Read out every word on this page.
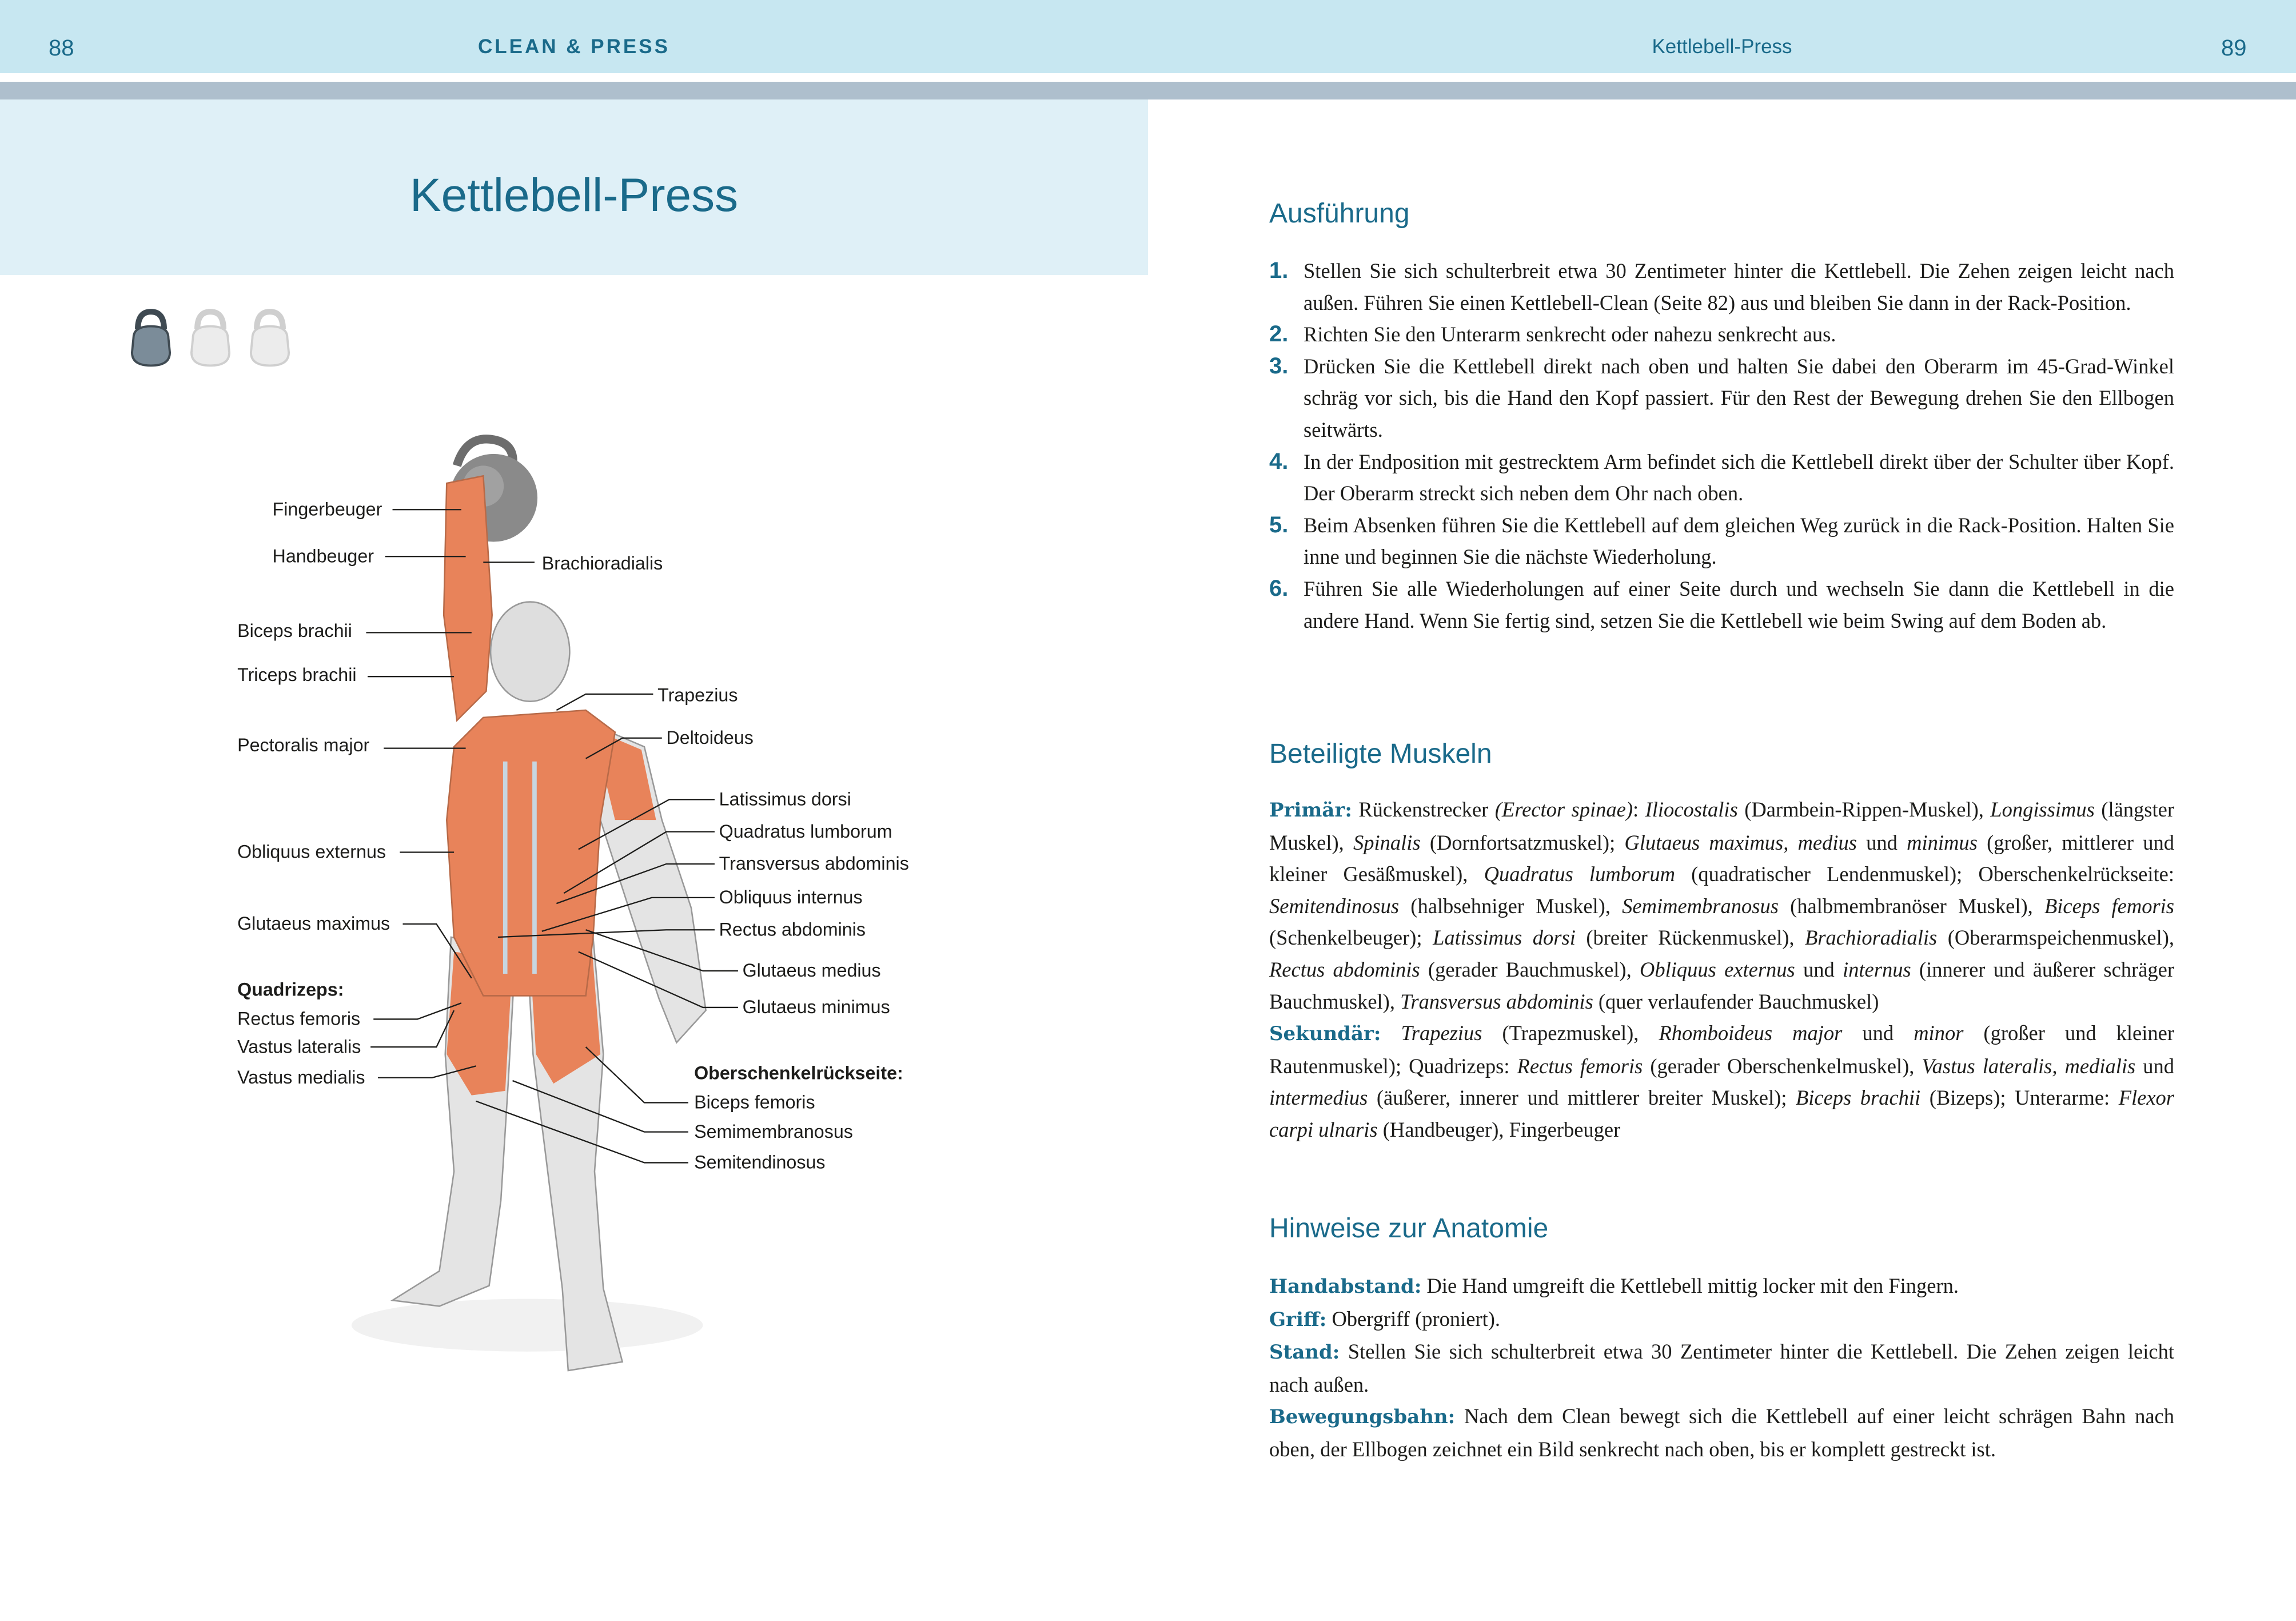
88	CLEAN & PRESS	Kettlebell-Press	89
Kettlebell-Press
Fingerbeuger
Handbeuger
Biceps brachii
Triceps brachii
Pectoralis major
Obliquus externus
Glutaeus maximus
Quadrizeps:
Rectus femoris
Vastus lateralis
Vastus medialis
Brachioradialis
Trapezius
Deltoideus
Latissimus dorsi
Quadratus lumborum
Transversus abdominis
Obliquus internus
Rectus abdominis
Glutaeus medius
Glutaeus minimus
Oberschenkelrückseite:
Biceps femoris
Semimembranosus
Semitendinosus
Ausführung
1. Stellen Sie sich schulterbreit etwa 30 Zentimeter hinter die Kettlebell. Die Zehen zeigen leicht nach außen. Führen Sie einen Kettlebell-Clean (Seite 82) aus und bleiben Sie dann in der Rack-Position.
2. Richten Sie den Unterarm senkrecht oder nahezu senkrecht aus.
3. Drücken Sie die Kettlebell direkt nach oben und halten Sie dabei den Oberarm im 45-Grad-Winkel schräg vor sich, bis die Hand den Kopf passiert. Für den Rest der Bewegung drehen Sie den Ellbogen seitwärts.
4. In der Endposition mit gestrecktem Arm befindet sich die Kettlebell direkt über der Schulter über Kopf. Der Oberarm streckt sich neben dem Ohr nach oben.
5. Beim Absenken führen Sie die Kettlebell auf dem gleichen Weg zurück in die Rack-Position. Halten Sie inne und beginnen Sie die nächste Wiederholung.
6. Führen Sie alle Wiederholungen auf einer Seite durch und wechseln Sie dann die Kettlebell in die andere Hand. Wenn Sie fertig sind, setzen Sie die Kettlebell wie beim Swing auf dem Boden ab.
Beteiligte Muskeln

Primär: Rückenstrecker (Erector spinae): Iliocostalis (Darmbein-Rippen-Muskel), Longissimus (längster Muskel), Spinalis (Dornfortsatzmuskel); Glutaeus maximus, medius und minimus (großer, mittlerer und kleiner Gesäßmuskel), Quadratus lumborum (quadratischer Lendenmuskel); Oberschenkelrückseite: Semitendinosus (halbsehniger Muskel), Semimembranosus (halbmembranöser Muskel), Biceps femoris (Schenkelbeuger); Latissimus dorsi (breiter Rückenmuskel), Brachioradialis (Oberarmspeichenmuskel), Rectus abdominis (gerader Bauchmuskel), Obliquus externus und internus (innerer und äußerer schräger Bauchmuskel), Transversus abdominis (quer verlaufender Bauchmuskel)

Sekundär: Trapezius (Trapezmuskel), Rhomboideus major und minor (großer und kleiner Rautenmuskel); Quadrizeps: Rectus femoris (gerader Oberschenkelmuskel), Vastus lateralis, medialis und intermedius (äußerer, innerer und mittlerer breiter Muskel); Biceps brachii (Bizeps); Unterarme: Flexor carpi ulnaris (Handbeuger), Fingerbeuger

Hinweise zur Anatomie

Handabstand: Die Hand umgreift die Kettlebell mittig locker mit den Fingern.

Griff: Obergriff (proniert).

Stand: Stellen Sie sich schulterbreit etwa 30 Zentimeter hinter die Kettlebell. Die Zehen zeigen leicht nach außen.

Bewegungsbahn: Nach dem Clean bewegt sich die Kettlebell auf einer leicht schrägen Bahn nach oben, der Ellbogen zeichnet ein Bild senkrecht nach oben, bis er komplett gestreckt ist.
